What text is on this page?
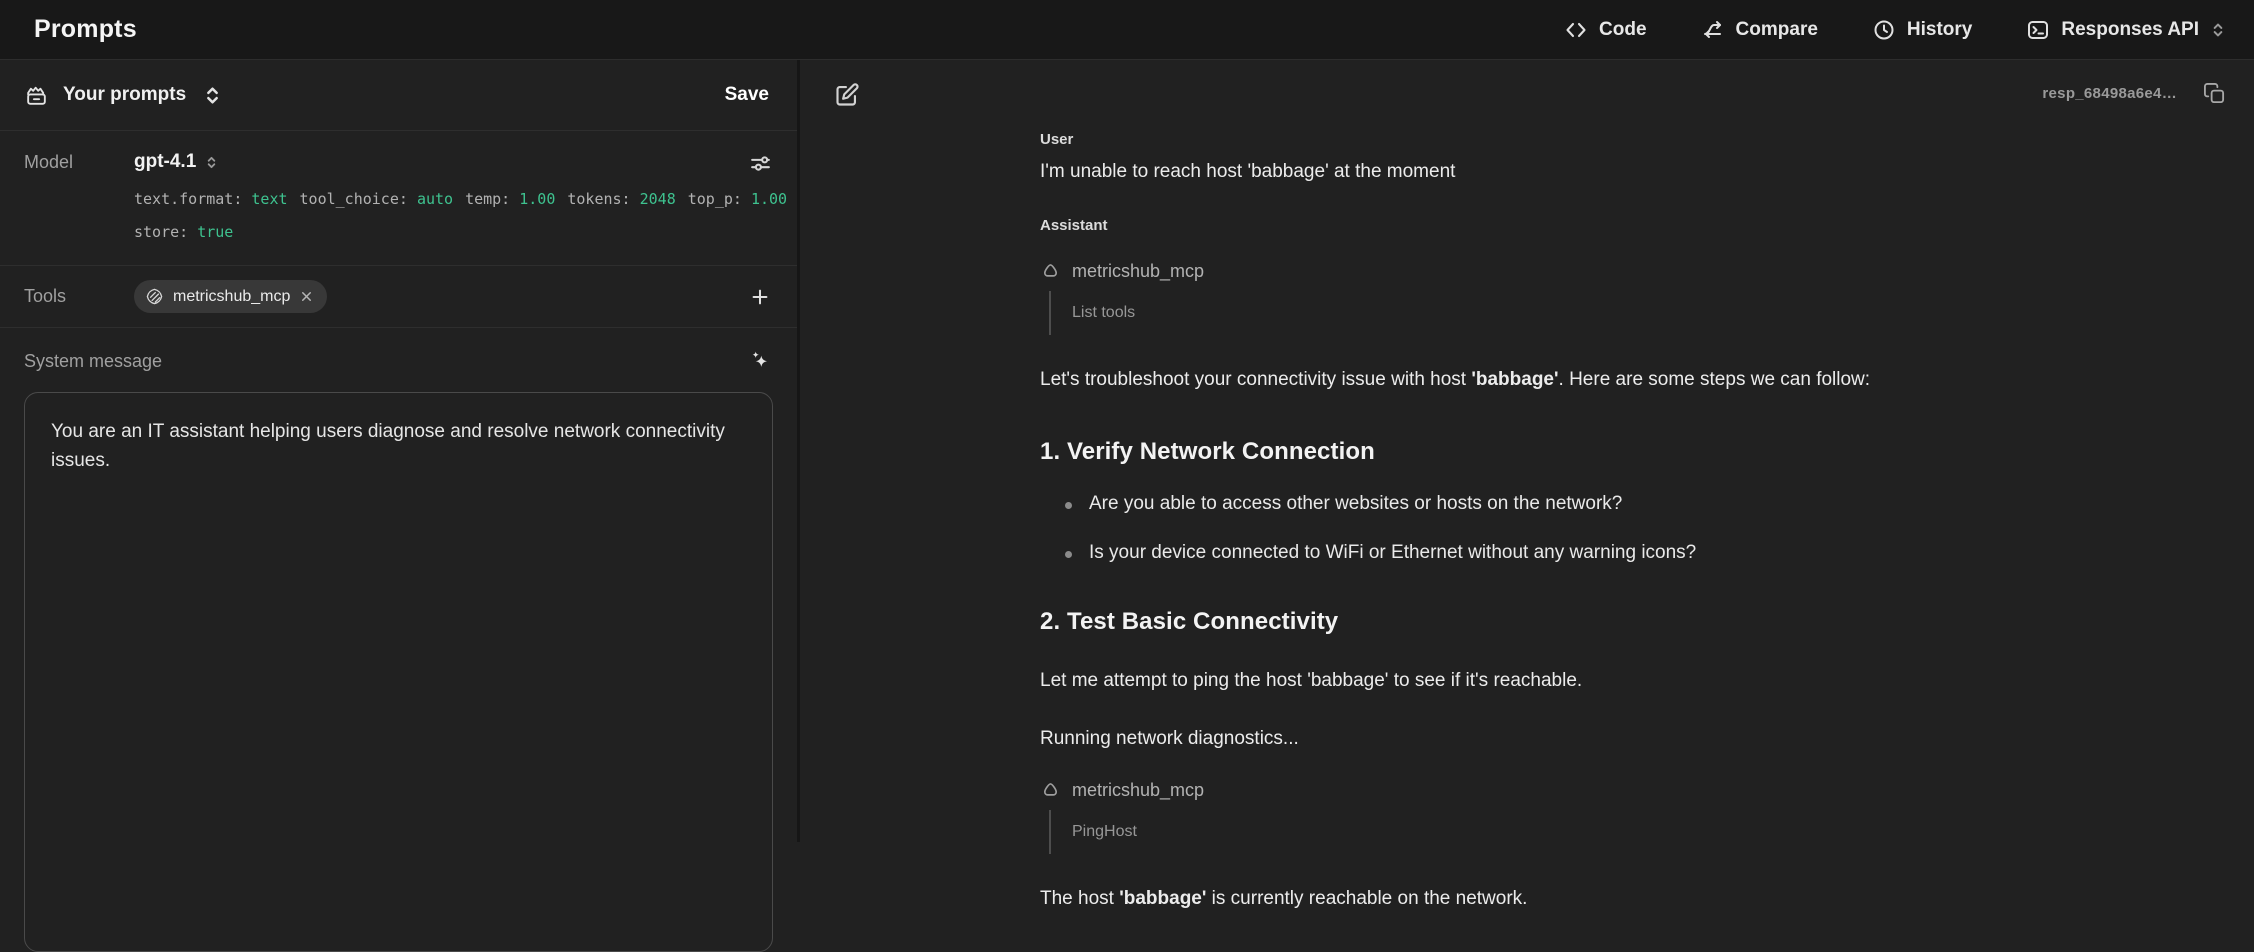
Prompts	Code	Compare	History	Responses API
Your prompts	Save
Model	gpt-4.1
text.format: text tool_choice: auto temp: 1.00 tokens: 2048 top_p: 1.00
store: true
Tools	metricshub_mcp
System message
You are an IT assistant helping users diagnose and resolve network connectivity issues.
resp_68498a6e4…
User
I'm unable to reach host 'babbage' at the moment
Assistant
metricshub_mcp
List tools
Let's troubleshoot your connectivity issue with host 'babbage'. Here are some steps we can follow:
1. Verify Network Connection
Are you able to access other websites or hosts on the network?
Is your device connected to WiFi or Ethernet without any warning icons?
2. Test Basic Connectivity
Let me attempt to ping the host 'babbage' to see if it's reachable.
Running network diagnostics...
metricshub_mcp
PingHost
The host 'babbage' is currently reachable on the network.
